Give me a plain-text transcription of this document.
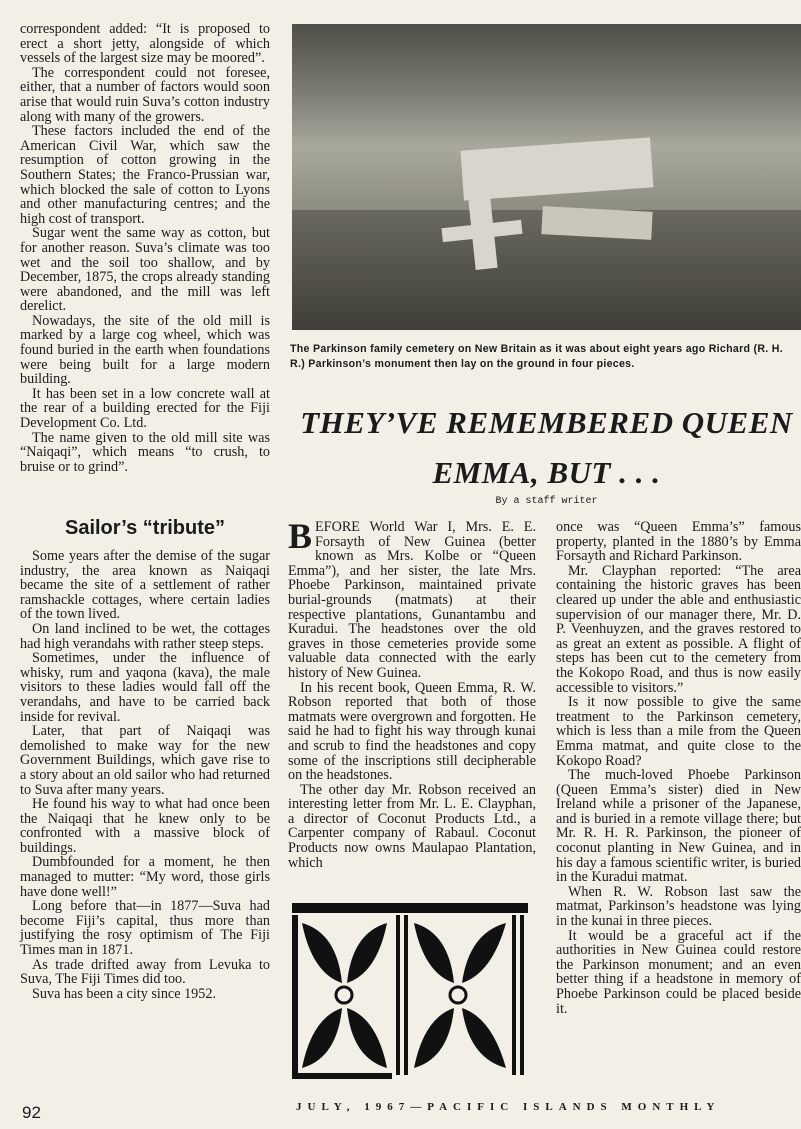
correspondent added: “It is proposed to erect a short jetty, alongside of which vessels of the largest size may be moored”.

The correspondent could not foresee, either, that a number of factors would soon arise that would ruin Suva’s cotton industry along with many of the growers.

These factors included the end of the American Civil War, which saw the resumption of cotton growing in the Southern States; the Franco-Prussian war, which blocked the sale of cotton to Lyons and other manufacturing centres; and the high cost of transport.

Sugar went the same way as cotton, but for another reason. Suva’s climate was too wet and the soil too shallow, and by December, 1875, the crops already standing were abandoned, and the mill was left derelict.

Nowadays, the site of the old mill is marked by a large cog wheel, which was found buried in the earth when foundations were being built for a large modern building.

It has been set in a low concrete wall at the rear of a building erected for the Fiji Development Co. Ltd.

The name given to the old mill site was “Naiqaqi”, which means “to crush, to bruise or to grind”.

Sailor’s “tribute”

Some years after the demise of the sugar industry, the area known as Naiqaqi became the site of a settlement of rather ramshackle cottages, where certain ladies of the town lived.

On land inclined to be wet, the cottages had high verandahs with rather steep steps.

Sometimes, under the influence of whisky, rum and yaqona (kava), the male visitors to these ladies would fall off the verandahs, and have to be carried back inside for revival.

Later, that part of Naiqaqi was demolished to make way for the new Government Buildings, which gave rise to a story about an old sailor who had returned to Suva after many years.

He found his way to what had once been the Naiqaqi that he knew only to be confronted with a massive block of buildings.

Dumbfounded for a moment, he then managed to mutter: “My word, those girls have done well!”

Long before that—in 1877—Suva had become Fiji’s capital, thus more than justifying the rosy optimism of The Fiji Times man in 1871.

As trade drifted away from Levuka to Suva, The Fiji Times did too.

Suva has been a city since 1952.

The Parkinson family cemetery on New Britain as it was about eight years ago Richard (R. H. R.) Parkinson’s monument then lay on the ground in four pieces.
THEY’VE REMEMBERED QUEEN
EMMA, BUT . . .
By a staff writer

BEFORE World War I, Mrs. E. E. Forsayth of New Guinea (better known as Mrs. Kolbe or “Queen Emma”), and her sister, the late Mrs. Phoebe Parkinson, maintained private burial-grounds (matmats) at their respective plantations, Gunantambu and Kuradui. The headstones over the old graves in those cemeteries provide some valuable data connected with the early history of New Guinea.

In his recent book, Queen Emma, R. W. Robson reported that both of those matmats were overgrown and forgotten. He said he had to fight his way through kunai and scrub to find the headstones and copy some of the inscriptions still decipherable on the headstones.

The other day Mr. Robson received an interesting letter from Mr. L. E. Clayphan, a director of Coconut Products Ltd., a Carpenter company of Rabaul. Coconut Products now owns Maulapao Plantation, which

once was “Queen Emma’s” famous property, planted in the 1880’s by Emma Forsayth and Richard Parkinson.

Mr. Clayphan reported: “The area containing the historic graves has been cleared up under the able and enthusiastic supervision of our manager there, Mr. D. P. Veenhuyzen, and the graves restored to as great an extent as possible. A flight of steps has been cut to the cemetery from the Kokopo Road, and thus is now easily accessible to visitors.”

Is it now possible to give the same treatment to the Parkinson cemetery, which is less than a mile from the Queen Emma matmat, and quite close to the Kokopo Road?

The much-loved Phoebe Parkinson (Queen Emma’s sister) died in New Ireland while a prisoner of the Japanese, and is buried in a remote village there; but Mr. R. H. R. Parkinson, the pioneer of coconut planting in New Guinea, and in his day a famous scientific writer, is buried in the Kuradui matmat.

When R. W. Robson last saw the matmat, Parkinson’s headstone was lying in the kunai in three pieces.

It would be a graceful act if the authorities in New Guinea could restore the Parkinson monument; and an even better thing if a headstone in memory of Phoebe Parkinson could be placed beside it.

92	JULY, 1967—PACIFIC ISLANDS MONTHLY
